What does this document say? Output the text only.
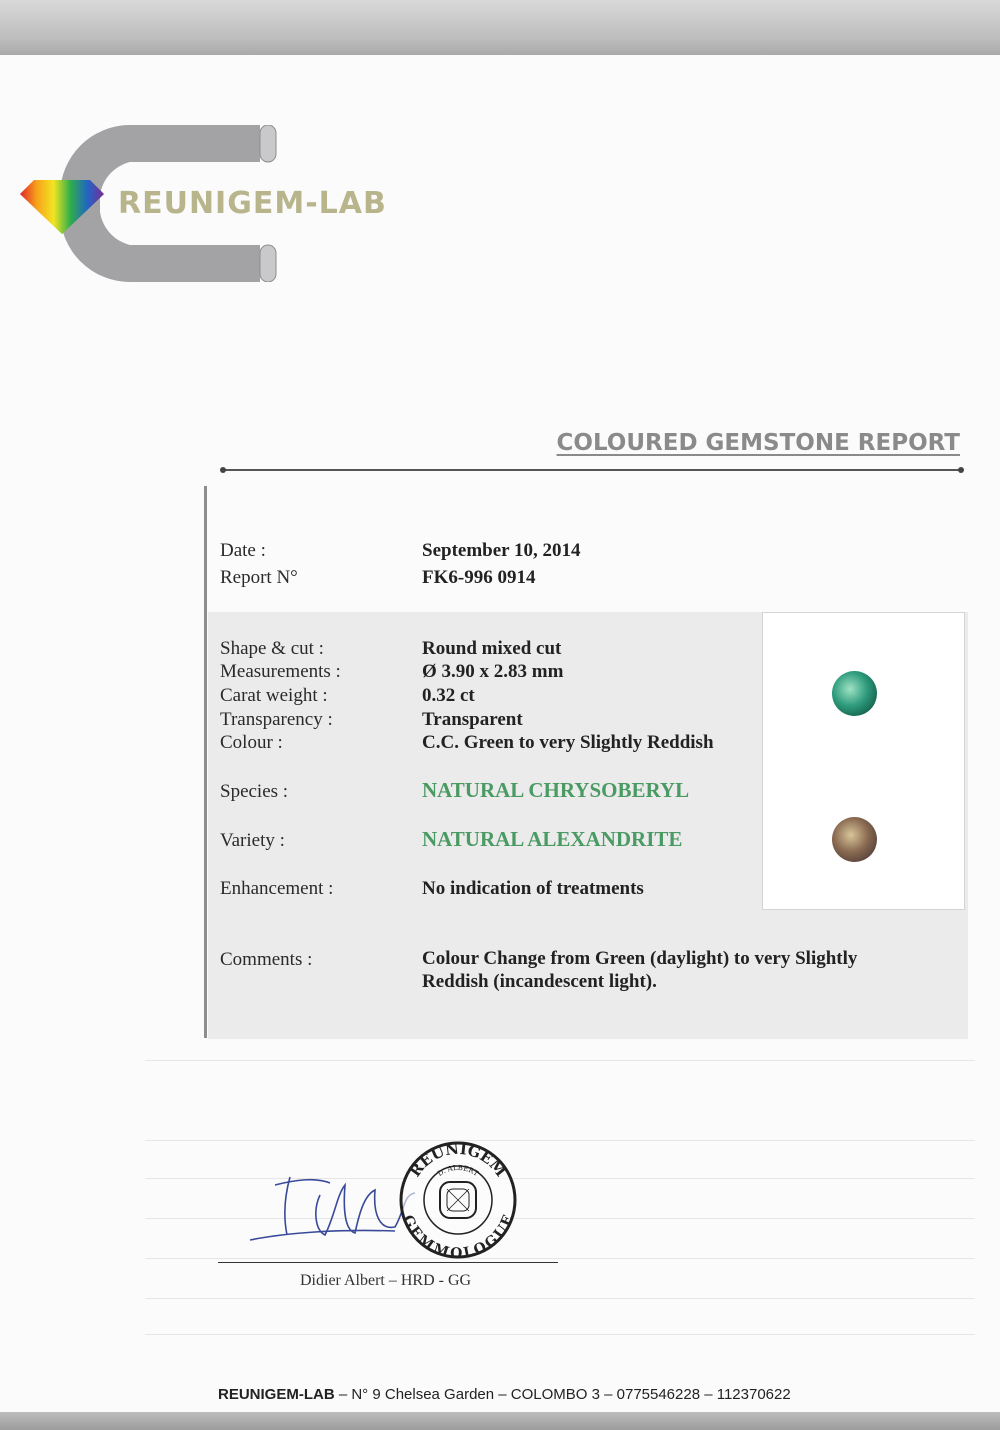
REUNIGEM-LAB
COLOURED GEMSTONE REPORT
Date :	September 10, 2014
Report N°	FK6-996 0914
Shape & cut :	Round mixed cut
Measurements :	Ø 3.90 x 2.83 mm
Carat weight :	0.32 ct
Transparency :	Transparent
Colour :	C.C. Green to very Slightly Reddish
Species :	NATURAL CHRYSOBERYL
Variety :	NATURAL ALEXANDRITE
Enhancement :	No indication of treatments
Comments :	Colour Change from Green (daylight) to very Slightly Reddish (incandescent light).
REUNIGEM
GEMMOLOGUE
D. ALBERT
Didier Albert – HRD - GG
REUNIGEM-LAB – N° 9 Chelsea Garden – COLOMBO 3 – 0775546228 – 112370622
